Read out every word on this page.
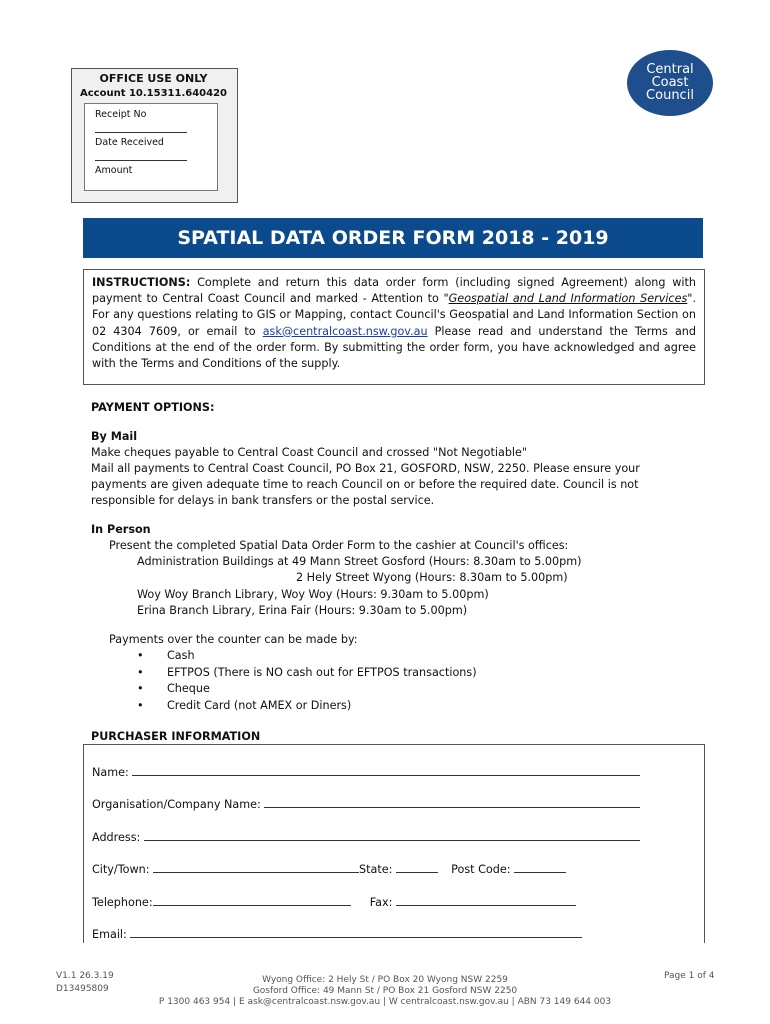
OFFICE USE ONLY
Account 10.15311.640420
Receipt No
Date Received
Amount
Central
Coast
Council
SPATIAL DATA ORDER FORM 2018 - 2019
INSTRUCTIONS: Complete and return this data order form (including signed Agreement) along with payment to Central Coast Council and marked - Attention to "Geospatial and Land Information Services". For any questions relating to GIS or Mapping, contact Council's Geospatial and Land Information Section on 02 4304 7609, or email to ask@centralcoast.nsw.gov.au Please read and understand the Terms and Conditions at the end of the order form. By submitting the order form, you have acknowledged and agree with the Terms and Conditions of the supply.
PAYMENT OPTIONS:
By Mail
Make cheques payable to Central Coast Council and crossed "Not Negotiable"
Mail all payments to Central Coast Council, PO Box 21, GOSFORD, NSW, 2250. Please ensure your
payments are given adequate time to reach Council on or before the required date. Council is not
responsible for delays in bank transfers or the postal service.
In Person
Present the completed Spatial Data Order Form to the cashier at Council's offices:
Administration Buildings at 49 Mann Street Gosford (Hours: 8.30am to 5.00pm)
2 Hely Street Wyong (Hours: 8.30am to 5.00pm)
Woy Woy Branch Library, Woy Woy (Hours: 9.30am to 5.00pm)
Erina Branch Library, Erina Fair (Hours: 9.30am to 5.00pm)
Payments over the counter can be made by:
• Cash
• EFTPOS (There is NO cash out for EFTPOS transactions)
• Cheque
• Credit Card (not AMEX or Diners)
PURCHASER INFORMATION
Name:
Organisation/Company Name:
Address:
City/Town:	State:	Post Code:
Telephone:	Fax:
Email:
V1.1 26.3.19
D13495809
Wyong Office: 2 Hely St / PO Box 20 Wyong NSW 2259
Gosford Office: 49 Mann St / PO Box 21 Gosford NSW 2250
P 1300 463 954 | E ask@centralcoast.nsw.gov.au | W centralcoast.nsw.gov.au | ABN 73 149 644 003
Page 1 of 4
